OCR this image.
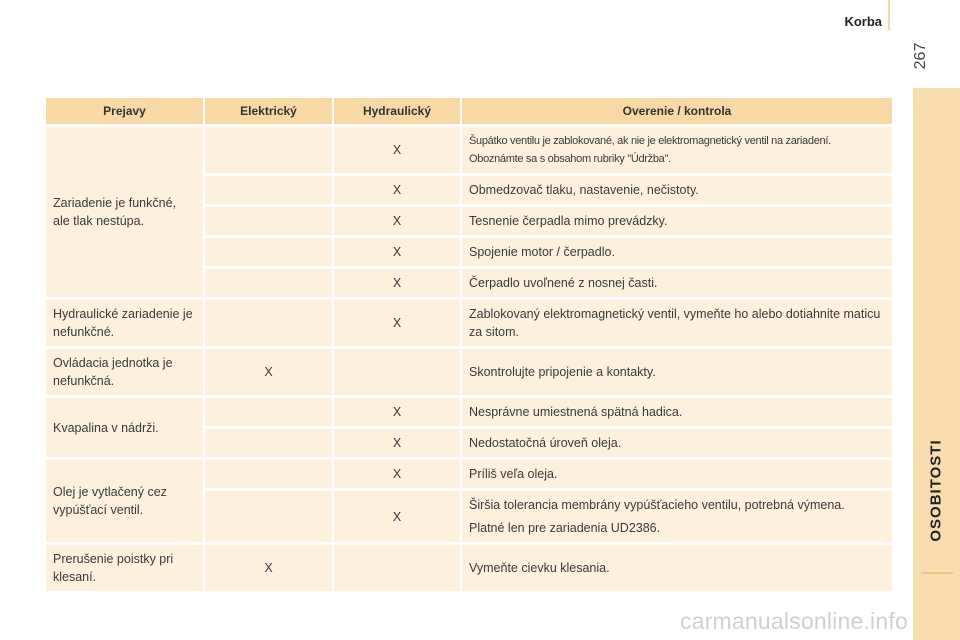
Korba
267
OSOBITOSTI
Prejavy	Elektrický	Hydraulický	Overenie / kontrola
Zariadenie je funkčné, ale tlak nestúpa.		X	Šupátko ventilu je zablokované, ak nie je elektromagnetický ventil na zariadení.
Oboznámte sa s obsahom rubriky "Údržba".

		X	Obmedzovač tlaku, nastavenie, nečistoty.
		X	Tesnenie čerpadla mimo prevádzky.
		X	Spojenie motor / čerpadlo.
		X	Čerpadlo uvoľnené z nosnej časti.
Hydraulické zariadenie je nefunkčné.		X	Zablokovaný elektromagnetický ventil, vymeňte ho alebo dotiahnite maticu za sitom.
Ovládacia jednotka je nefunkčná.	X		Skontrolujte pripojenie a kontakty.
Kvapalina v nádrži.		X	Nesprávne umiestnená spätná hadica.
		X	Nedostatočná úroveň oleja.
Olej je vytlačený cez vypúšťací ventil.		X	Príliš veľa oleja.
		X	Širšia tolerancia membrány vypúšťacieho ventilu, potrebná výmena.
Platné len pre zariadenia UD2386.

Prerušenie poistky pri klesaní.	X		Vymeňte cievku klesania.
carmanualsonline.info
